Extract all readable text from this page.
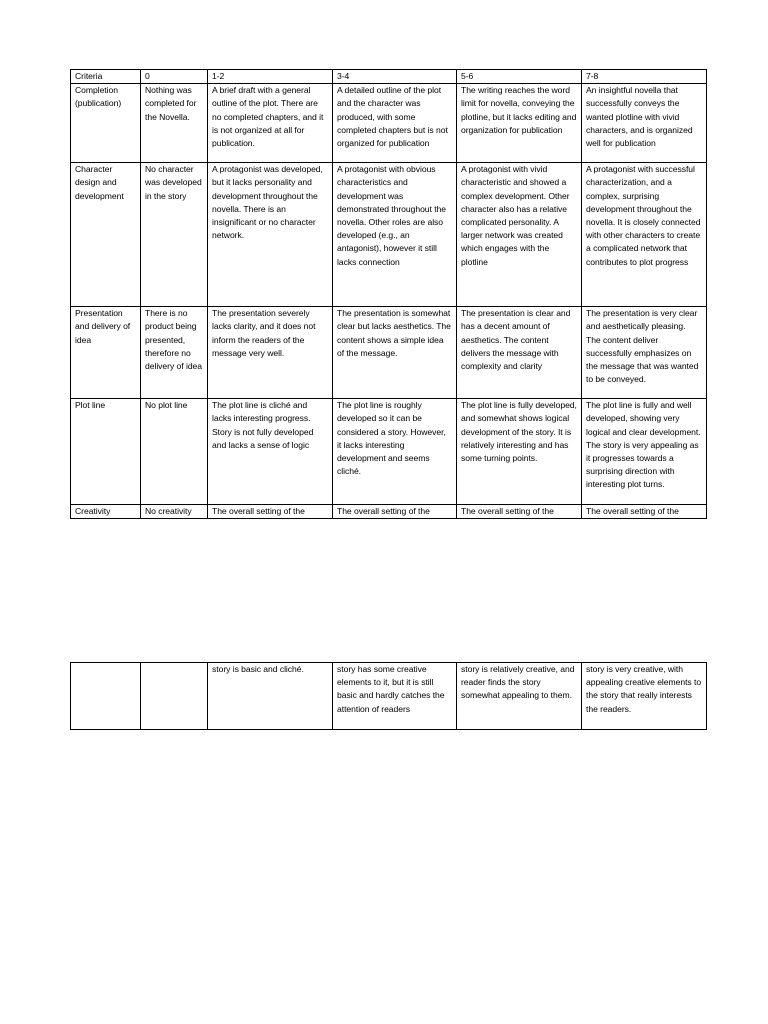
Criteria	0	1-2	3-4	5-6	7-8
Completion (publication)	Nothing was completed for the Novella.	A brief draft with a general outline of the plot. There are no completed chapters, and it is not organized at all for publication.	A detailed outline of the plot and the character was produced, with some completed chapters but is not organized for publication	The writing reaches the word limit for novella, conveying the plotline, but it lacks editing and organization for publication	An insightful novella that successfully conveys the wanted plotline with vivid characters, and is organized well for publication
Character design and development	No character was developed in the story	A protagonist was developed, but it lacks personality and development throughout the novella. There is an insignificant or no character network.	A protagonist with obvious characteristics and development was demonstrated throughout the novella. Other roles are also developed (e.g., an antagonist), however it still lacks connection	A protagonist with vivid characteristic and showed a complex development. Other character also has a relative complicated personality. A larger network was created which engages with the plotline	A protagonist with successful characterization, and a complex, surprising development throughout the novella. It is closely connected with other characters to create a complicated network that contributes to plot progress
Presentation and delivery of idea	There is no product being presented, therefore no delivery of idea	The presentation severely lacks clarity, and it does not inform the readers of the message very well.	The presentation is somewhat clear but lacks aesthetics. The content shows a simple idea of the message.	The presentation is clear and has a decent amount of aesthetics. The content delivers the message with complexity and clarity	The presentation is very clear and aesthetically pleasing. The content deliver successfully emphasizes on the message that was wanted to be conveyed.
Plot line	No plot line	The plot line is cliché and lacks interesting progress. Story is not fully developed and lacks a sense of logic	The plot line is roughly developed so it can be considered a story. However, it lacks interesting development and seems cliché.	The plot line is fully developed, and somewhat shows logical development of the story. It is relatively interesting and has some turning points.	The plot line is fully and well developed, showing very logical and clear development. The story is very appealing as it progresses towards a surprising direction with interesting plot turns.
Creativity	No creativity	The overall setting of the	The overall setting of the	The overall setting of the	The overall setting of the
		story is basic and cliché.	story has some creative elements to it, but it is still basic and hardly catches the attention of readers	story is relatively creative, and reader finds the story somewhat appealing to them.	story is very creative, with appealing creative elements to the story that really interests the readers.
